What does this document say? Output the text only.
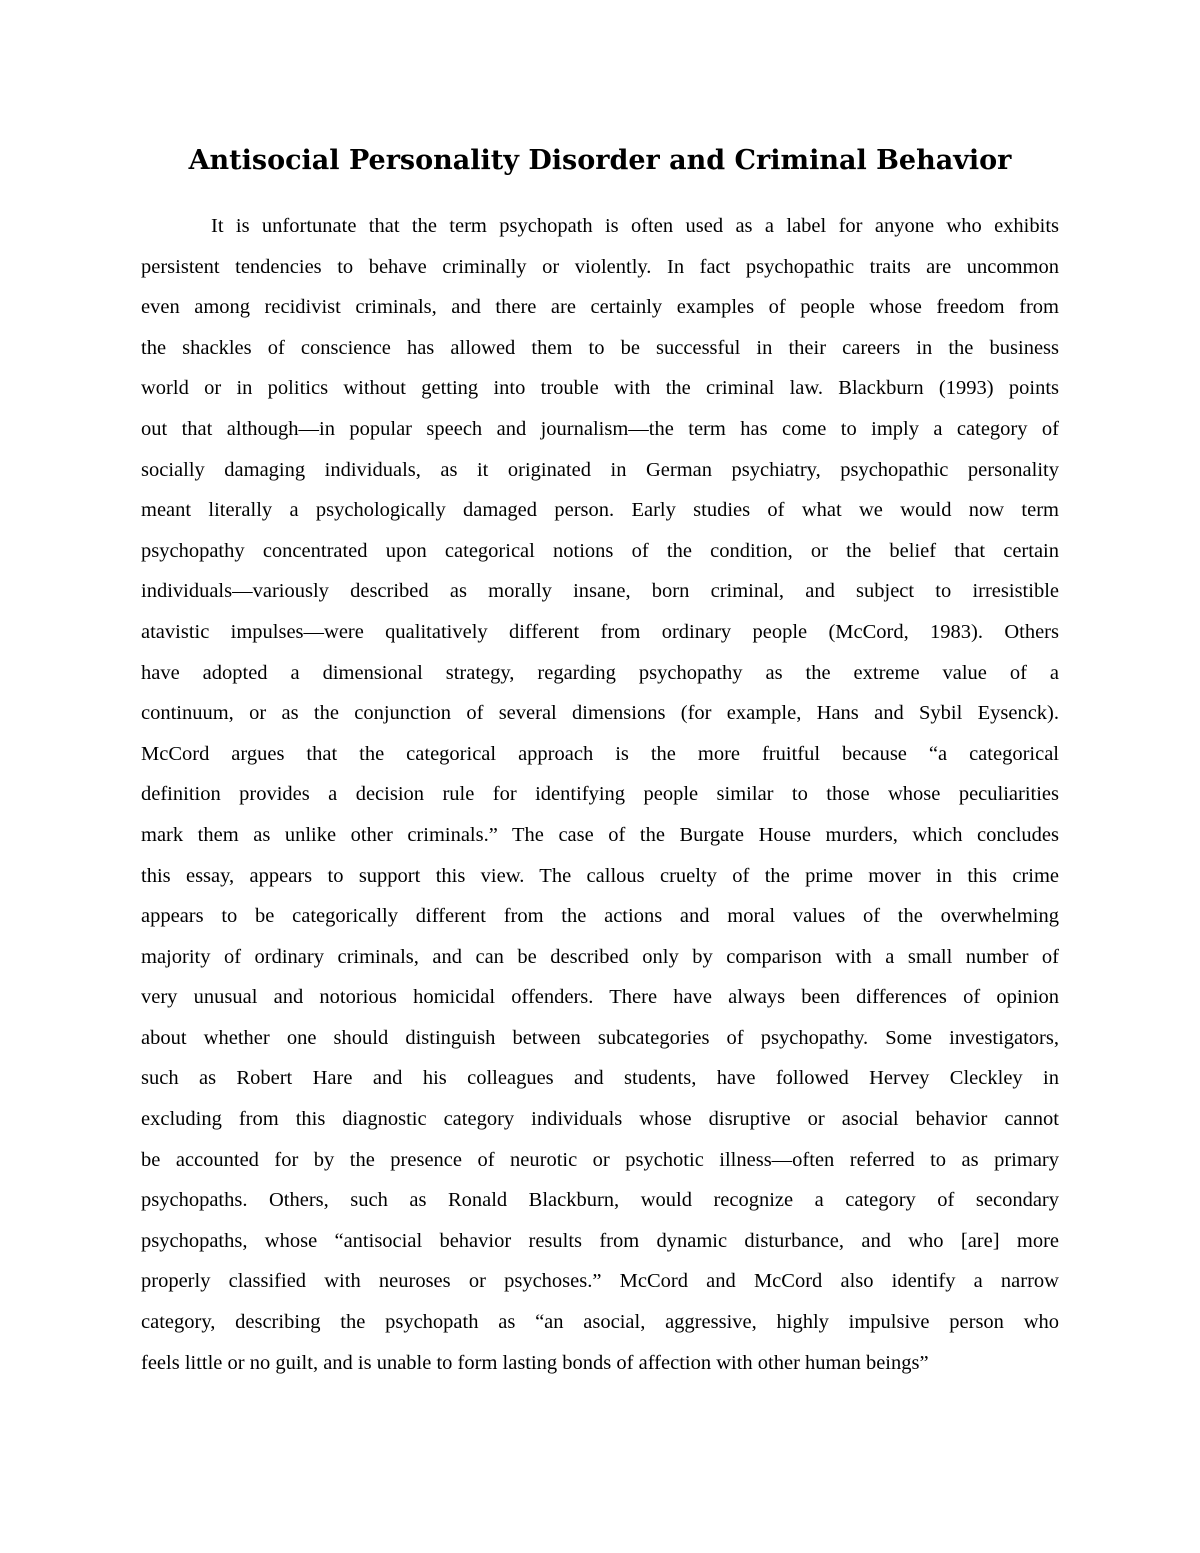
Antisocial Personality Disorder and Criminal Behavior
It is unfortunate that the term psychopath is often used as a label for anyone who exhibits
persistent tendencies to behave criminally or violently. In fact psychopathic traits are uncommon
even among recidivist criminals, and there are certainly examples of people whose freedom from
the shackles of conscience has allowed them to be successful in their careers in the business
world or in politics without getting into trouble with the criminal law. Blackburn (1993) points
out that although—in popular speech and journalism—the term has come to imply a category of
socially damaging individuals, as it originated in German psychiatry, psychopathic personality
meant literally a psychologically damaged person. Early studies of what we would now term
psychopathy concentrated upon categorical notions of the condition, or the belief that certain
individuals—variously described as morally insane, born criminal, and subject to irresistible
atavistic impulses—were qualitatively different from ordinary people (McCord, 1983). Others
have adopted a dimensional strategy, regarding psychopathy as the extreme value of a
continuum, or as the conjunction of several dimensions (for example, Hans and Sybil Eysenck).
McCord argues that the categorical approach is the more fruitful because “a categorical
definition provides a decision rule for identifying people similar to those whose peculiarities
mark them as unlike other criminals.” The case of the Burgate House murders, which concludes
this essay, appears to support this view. The callous cruelty of the prime mover in this crime
appears to be categorically different from the actions and moral values of the overwhelming
majority of ordinary criminals, and can be described only by comparison with a small number of
very unusual and notorious homicidal offenders. There have always been differences of opinion
about whether one should distinguish between subcategories of psychopathy. Some investigators,
such as Robert Hare and his colleagues and students, have followed Hervey Cleckley in
excluding from this diagnostic category individuals whose disruptive or asocial behavior cannot
be accounted for by the presence of neurotic or psychotic illness—often referred to as primary
psychopaths. Others, such as Ronald Blackburn, would recognize a category of secondary
psychopaths, whose “antisocial behavior results from dynamic disturbance, and who [are] more
properly classified with neuroses or psychoses.” McCord and McCord also identify a narrow
category, describing the psychopath as “an asocial, aggressive, highly impulsive person who
feels little or no guilt, and is unable to form lasting bonds of affection with other human beings”
